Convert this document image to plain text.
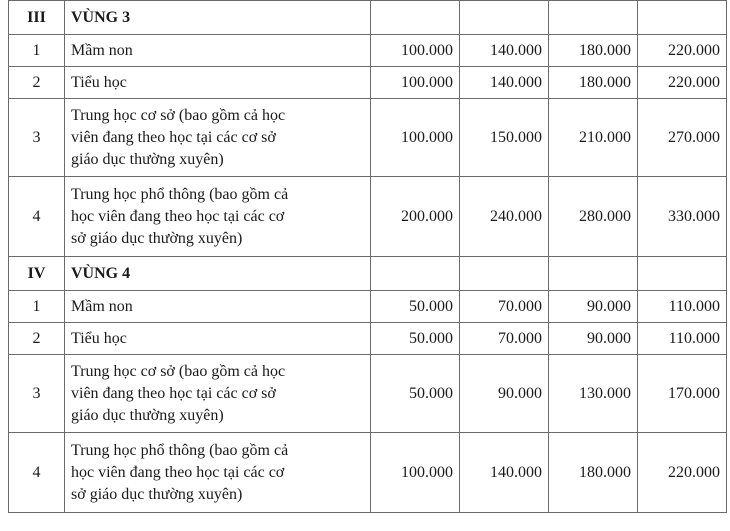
III	VÙNG 3				
1	Mầm non	100.000	140.000	180.000	220.000
2	Tiểu học	100.000	140.000	180.000	220.000
3	Trung học cơ sở (bao gồm cả học
viên đang theo học tại các cơ sở
giáo dục thường xuyên)	100.000	150.000	210.000	270.000
4	Trung học phổ thông (bao gồm cả
học viên đang theo học tại các cơ
sở giáo dục thường xuyên)	200.000	240.000	280.000	330.000
IV	VÙNG 4				
1	Mầm non	50.000	70.000	90.000	110.000
2	Tiểu học	50.000	70.000	90.000	110.000
3	Trung học cơ sở (bao gồm cả học
viên đang theo học tại các cơ sở
giáo dục thường xuyên)	50.000	90.000	130.000	170.000
4	Trung học phổ thông (bao gồm cả
học viên đang theo học tại các cơ
sở giáo dục thường xuyên)	100.000	140.000	180.000	220.000
